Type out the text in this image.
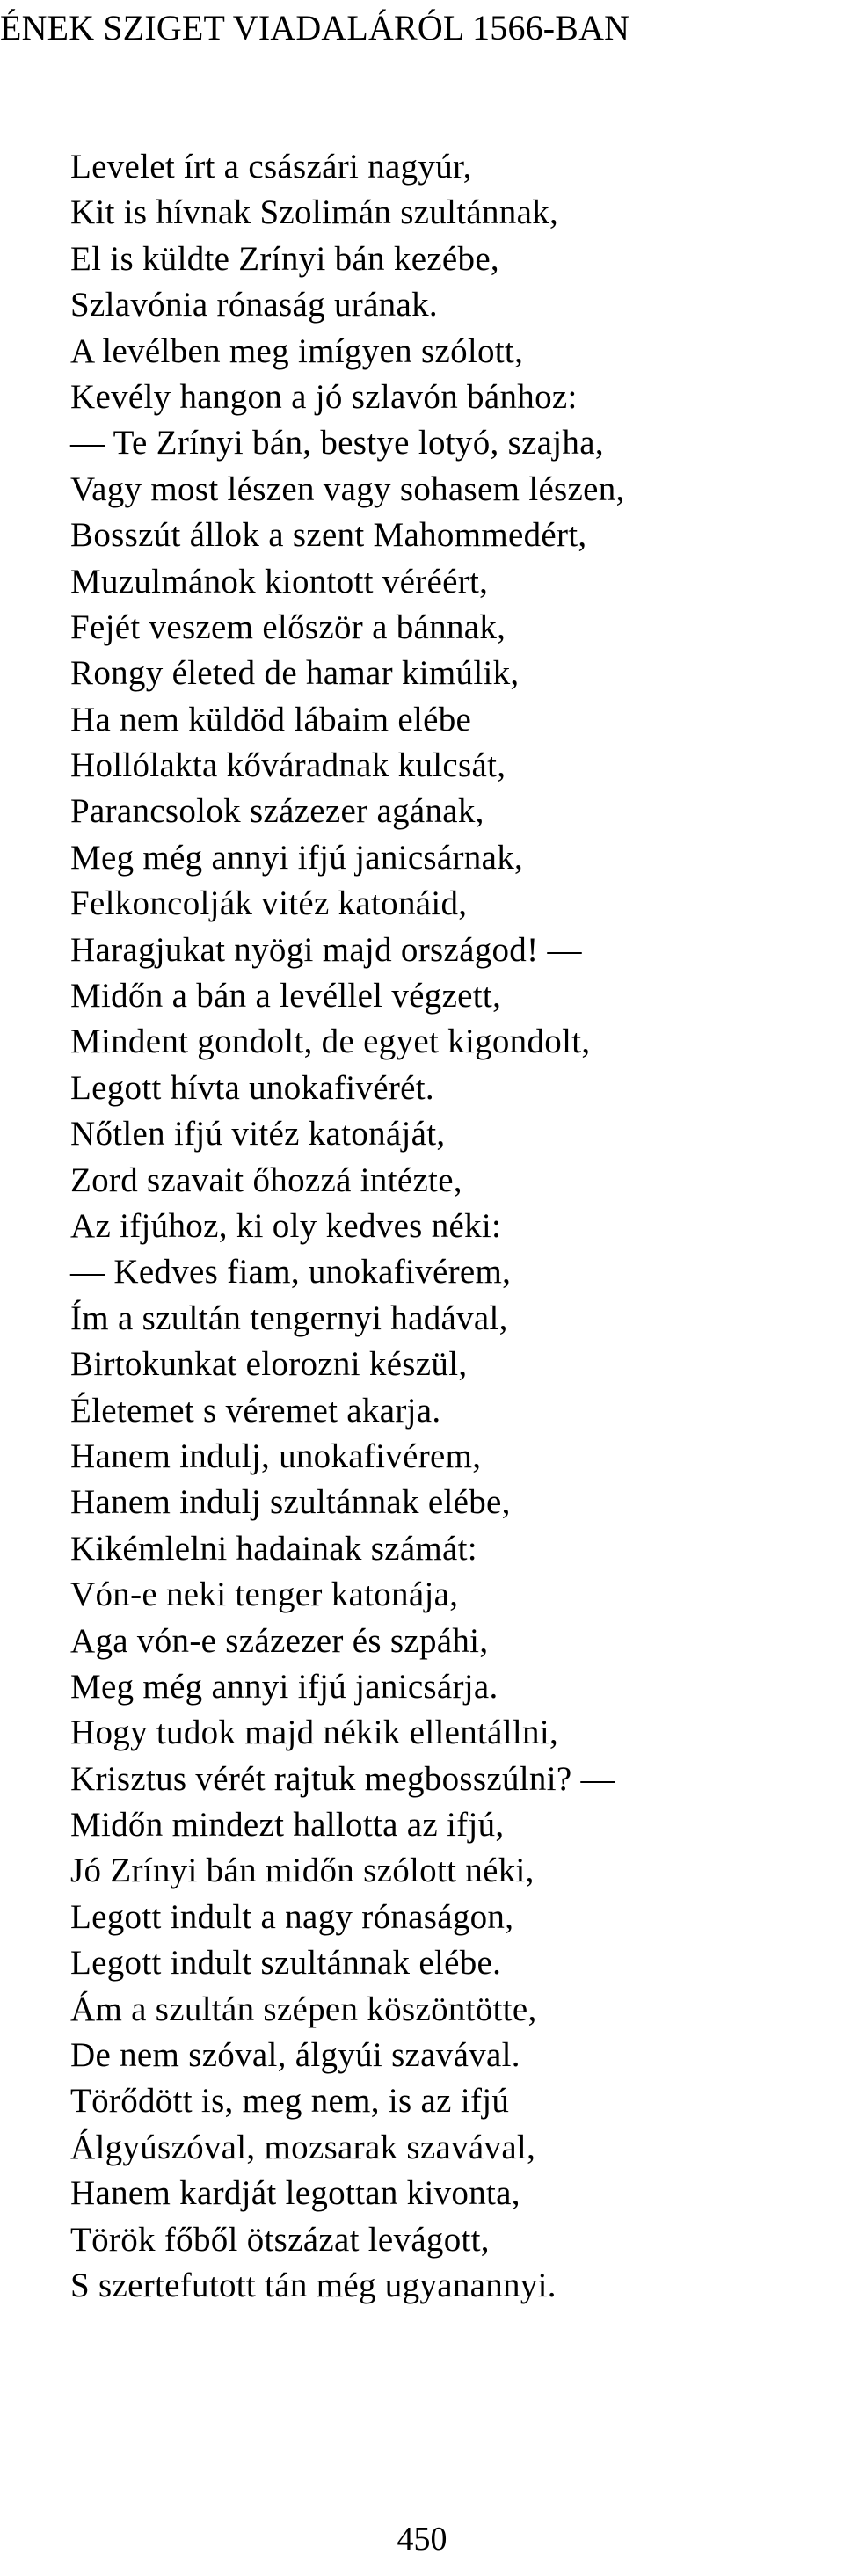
ÉNEK SZIGET VIADALÁRÓL 1566-BAN
Levelet írt a császári nagyúr,
Kit is hívnak Szolimán szultánnak,
El is küldte Zrínyi bán kezébe,
Szlavónia rónaság urának.
A levélben meg imígyen szólott,
Kevély hangon a jó szlavón bánhoz:
— Te Zrínyi bán, bestye lotyó, szajha,
Vagy most lészen vagy sohasem lészen,
Bosszút állok a szent Mahommedért,
Muzulmánok kiontott véréért,
Fejét veszem először a bánnak,
Rongy életed de hamar kimúlik,
Ha nem küldöd lábaim elébe
Hollólakta kőváradnak kulcsát,
Parancsolok százezer agának,
Meg még annyi ifjú janicsárnak,
Felkoncolják vitéz katonáid,
Haragjukat nyögi majd országod! —
Midőn a bán a levéllel végzett,
Mindent gondolt, de egyet kigondolt,
Legott hívta unokafivérét.
Nőtlen ifjú vitéz katonáját,
Zord szavait őhozzá intézte,
Az ifjúhoz, ki oly kedves néki:
— Kedves fiam, unokafivérem,
Ím a szultán tengernyi hadával,
Birtokunkat elorozni készül,
Életemet s véremet akarja.
Hanem indulj, unokafivérem,
Hanem indulj szultánnak elébe,
Kikémlelni hadainak számát:
Vón-e neki tenger katonája,
Aga vón-e százezer és szpáhi,
Meg még annyi ifjú janicsárja.
Hogy tudok majd nékik ellentállni,
Krisztus vérét rajtuk megbosszúlni? —
Midőn mindezt hallotta az ifjú,
Jó Zrínyi bán midőn szólott néki,
Legott indult a nagy rónaságon,
Legott indult szultánnak elébe.
Ám a szultán szépen köszöntötte,
De nem szóval, álgyúi szavával.
Törődött is, meg nem, is az ifjú
Álgyúszóval, mozsarak szavával,
Hanem kardját legottan kivonta,
Török főből ötszázat levágott,
S szertefutott tán még ugyanannyi.
450
